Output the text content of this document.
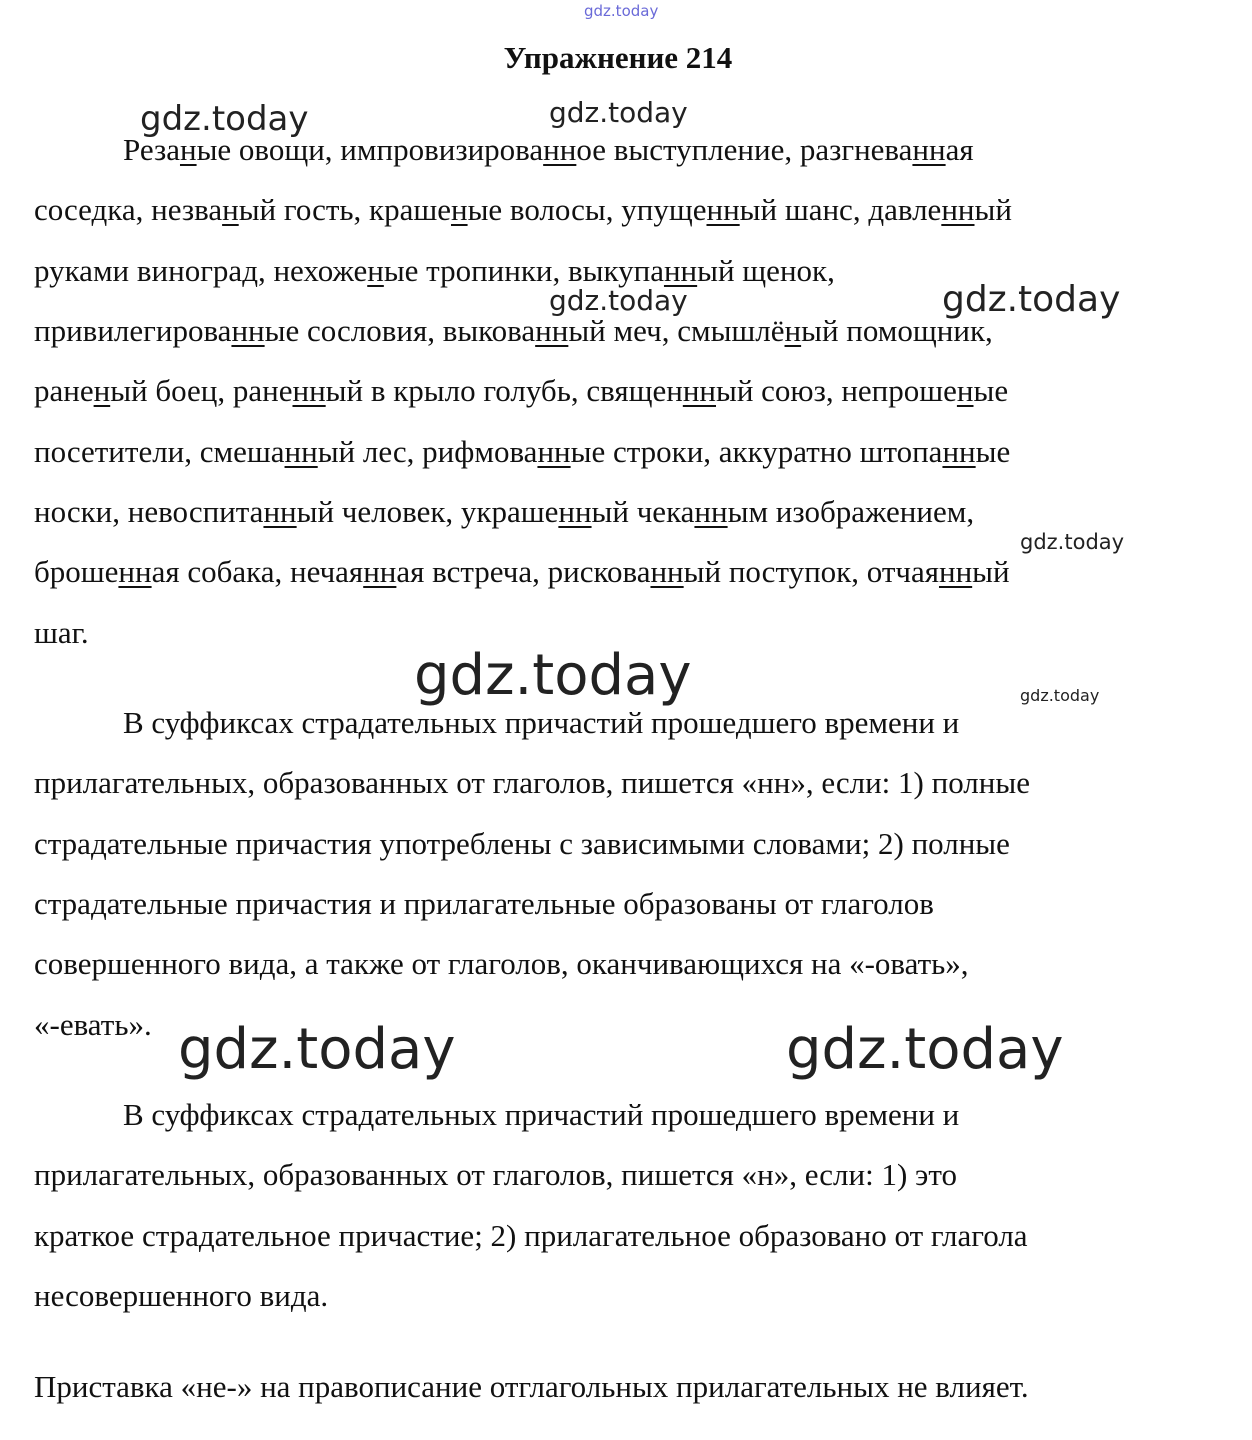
gdz.today
gdz.today	gdz.today
gdz.today	gdz.today
gdz.today
gdz.today	gdz.today
gdz.today	gdz.today
Упражнение 214
Резаные овощи, импровизированное выступление, разгневанная
соседка, незваный гость, крашеные волосы, упущенный шанс, давленный
руками виноград, нехоженые тропинки, выкупанный щенок,
привилегированные сословия, выкованный меч, смышлёный помощник,
раненый боец, раненный в крыло голубь, священнный союз, непрошеные
посетители, смешанный лес, рифмованные строки, аккуратно штопанные
носки, невоспитанный человек, украшенный чеканным изображением,
брошенная собака, нечаянная встреча, рискованный поступок, отчаянный
шаг.
В суффиксах страдательных причастий прошедшего времени и
прилагательных, образованных от глаголов, пишется «нн», если: 1) полные
страдательные причастия употреблены с зависимыми словами; 2) полные
страдательные причастия и прилагательные образованы от глаголов
совершенного вида, а также от глаголов, оканчивающихся на «-овать»,
«-евать».
В суффиксах страдательных причастий прошедшего времени и
прилагательных, образованных от глаголов, пишется «н», если: 1) это
краткое страдательное причастие; 2) прилагательное образовано от глагола
несовершенного вида.
Приставка «не-» на правописание отглагольных прилагательных не влияет.
